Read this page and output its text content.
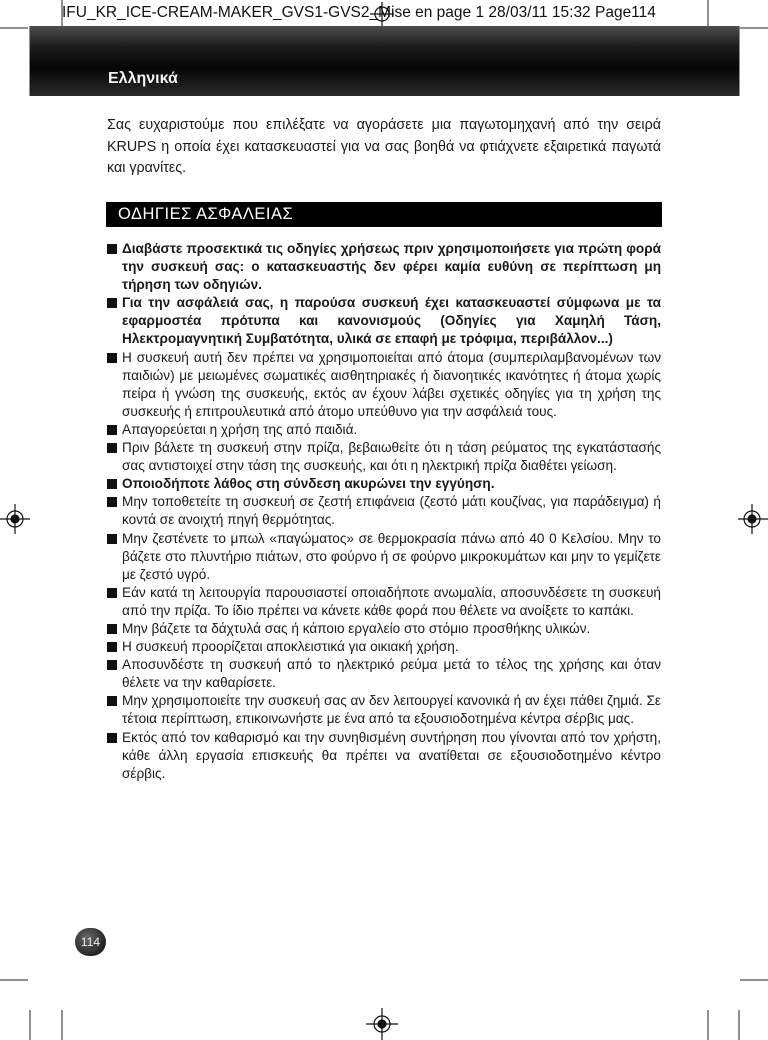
IFU_KR_ICE-CREAM-MAKER_GVS1-GVS2_Mise en page 1 28/03/11 15:32 Page114
Ελληνικά

Σας ευχαριστούμε που επιλέξατε να αγοράσετε μια παγωτομηχανή από την σειρά KRUPS η οποία έχει κατασκευαστεί για να σας βοηθά να φτιάχνετε εξαιρετικά παγωτά και γρανίτες.

ΟΔΗΓΙΕΣ ΑΣΦΑΛΕΙΑΣ
Διαβάστε προσεκτικά τις οδηγίες χρήσεως πριν χρησιμοποιήσετε για πρώτη φορά την συσκευή σας: ο κατασκευαστής δεν φέρει καμία ευθύνη σε περίπτωση μη τήρηση των οδηγιών.
Για την ασφάλειά σας, η παρούσα συσκευή έχει κατασκευαστεί σύμφωνα με τα εφαρμοστέα πρότυπα και κανονισμούς (Οδηγίες για Χαμηλή Τάση, Ηλεκτρομαγνητική Συμβατότητα, υλικά σε επαφή με τρόφιμα, περιβάλλον...)
Η συσκευή αυτή δεν πρέπει να χρησιμοποιείται από άτομα (συμπεριλαμβανομένων των παιδιών) με μειωμένες σωματικές αισθητηριακές ή διανοητικές ικανότητες ή άτομα χωρίς πείρα ή γνώση της συσκευής, εκτός αν έχουν λάβει σχετικές οδηγίες για τη χρήση της συσκευής ή επιτρουλευτικά από άτομο υπεύθυνο για την ασφάλειά τους.
Απαγορεύεται η χρήση της από παιδιά.
Πριν βάλετε τη συσκευή στην πρίζα, βεβαιωθείτε ότι η τάση ρεύματος της εγκατάστασής σας αντιστοιχεί στην τάση της συσκευής, και ότι η ηλεκτρική πρίζα διαθέτει γείωση.
Οποιοδήποτε λάθος στη σύνδεση ακυρώνει την εγγύηση.
Μην τοποθετείτε τη συσκευή σε ζεστή επιφάνεια (ζεστό μάτι κουζίνας, για παράδειγμα) ή κοντά σε ανοιχτή πηγή θερμότητας.
Μην ζεστένετε το μπωλ «παγώματος» σε θερμοκρασία πάνω από 40 0 Κελσίου. Μην το βάζετε στο πλυντήριο πιάτων, στο φούρνο ή σε φούρνο μικροκυμάτων και μην το γεμίζετε με ζεστό υγρό.
Εάν κατά τη λειτουργία παρουσιαστεί οποιαδήποτε ανωμαλία, αποσυνδέσετε τη συσκευή από την πρίζα. Το ίδιο πρέπει να κάνετε κάθε φορά που θέλετε να ανοίξετε το καπάκι.
Μην βάζετε τα δάχτυλά σας ή κάποιο εργαλείο στο στόμιο προσθήκης υλικών.
Η συσκευή προορίζεται αποκλειστικά για οικιακή χρήση.
Αποσυνδέστε τη συσκευή από το ηλεκτρικό ρεύμα μετά το τέλος της χρήσης και όταν θέλετε να την καθαρίσετε.
Μην χρησιμοποιείτε την συσκευή σας αν δεν λειτουργεί κανονικά ή αν έχει πάθει ζημιά. Σε τέτοια περίπτωση, επικοινωνήστε με ένα από τα εξουσιοδοτημένα κέντρα σέρβις μας.
Εκτός από τον καθαρισμό και την συνηθισμένη συντήρηση που γίνονται από τον χρήστη, κάθε άλλη εργασία επισκευής θα πρέπει να ανατίθεται σε εξουσιοδοτημένο κέντρο σέρβις.
114
